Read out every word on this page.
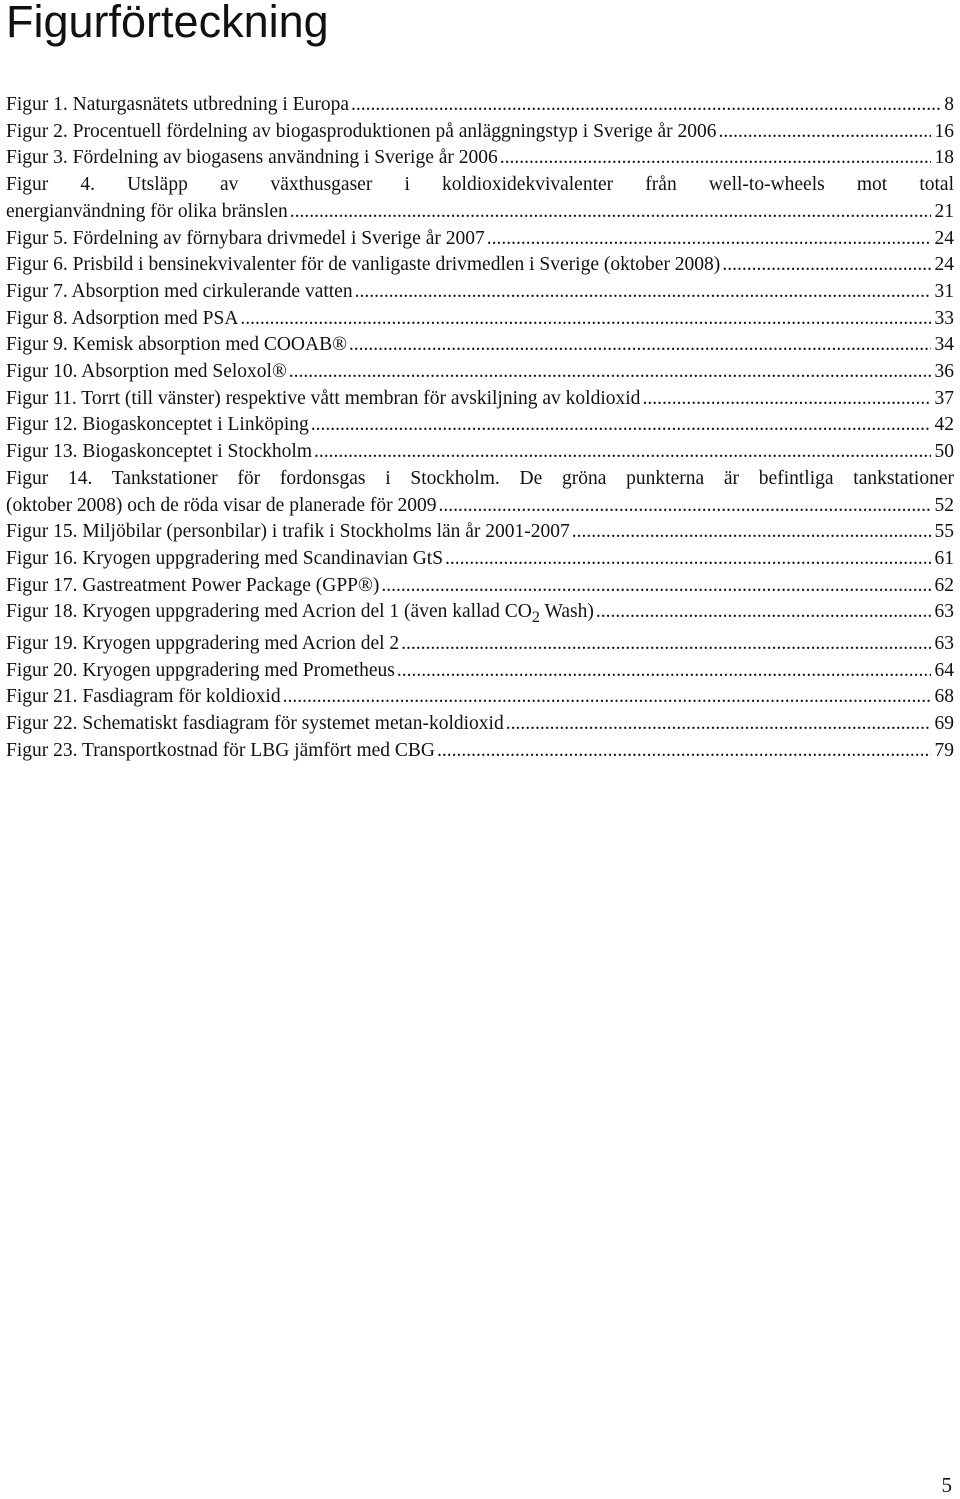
Figurförteckning
Figur 1. Naturgasnätets utbredning i Europa .....	8
Figur 2. Procentuell fördelning av biogasproduktionen på anläggningstyp i Sverige år 2006 .....	16
Figur 3. Fördelning av biogasens användning i Sverige år 2006 .....	18
Figur 4. Utsläpp av växthusgaser i koldioxidekvivalenter från well-to-wheels mot total
energianvändning för olika bränslen .....	21
Figur 5. Fördelning av förnybara drivmedel i Sverige år 2007 .....	24
Figur 6. Prisbild i bensinekvivalenter för de vanligaste drivmedlen i Sverige (oktober 2008) .....	24
Figur 7. Absorption med cirkulerande vatten .....	31
Figur 8. Adsorption med PSA .....	33
Figur 9. Kemisk absorption med COOAB® .....	34
Figur 10. Absorption med Seloxol® .....	36
Figur 11. Torrt (till vänster) respektive vått membran för avskiljning av koldioxid .....	37
Figur 12. Biogaskonceptet i Linköping .....	42
Figur 13. Biogaskonceptet i Stockholm .....	50
Figur 14. Tankstationer för fordonsgas i Stockholm. De gröna punkterna är befintliga tankstationer
(oktober 2008) och de röda visar de planerade för 2009 .....	52
Figur 15. Miljöbilar (personbilar) i trafik i Stockholms län år 2001-2007 .....	55
Figur 16. Kryogen uppgradering med Scandinavian GtS .....	61
Figur 17. Gastreatment Power Package (GPP®) .....	62
Figur 18. Kryogen uppgradering med Acrion del 1 (även kallad $CO_2$ Wash) .....	63
Figur 19. Kryogen uppgradering med Acrion del 2 .....	63
Figur 20. Kryogen uppgradering med Prometheus .....	64
Figur 21. Fasdiagram för koldioxid .....	68
Figur 22. Schematiskt fasdiagram för systemet metan-koldioxid .....	69
Figur 23. Transportkostnad för LBG jämfört med CBG .....	79
5
